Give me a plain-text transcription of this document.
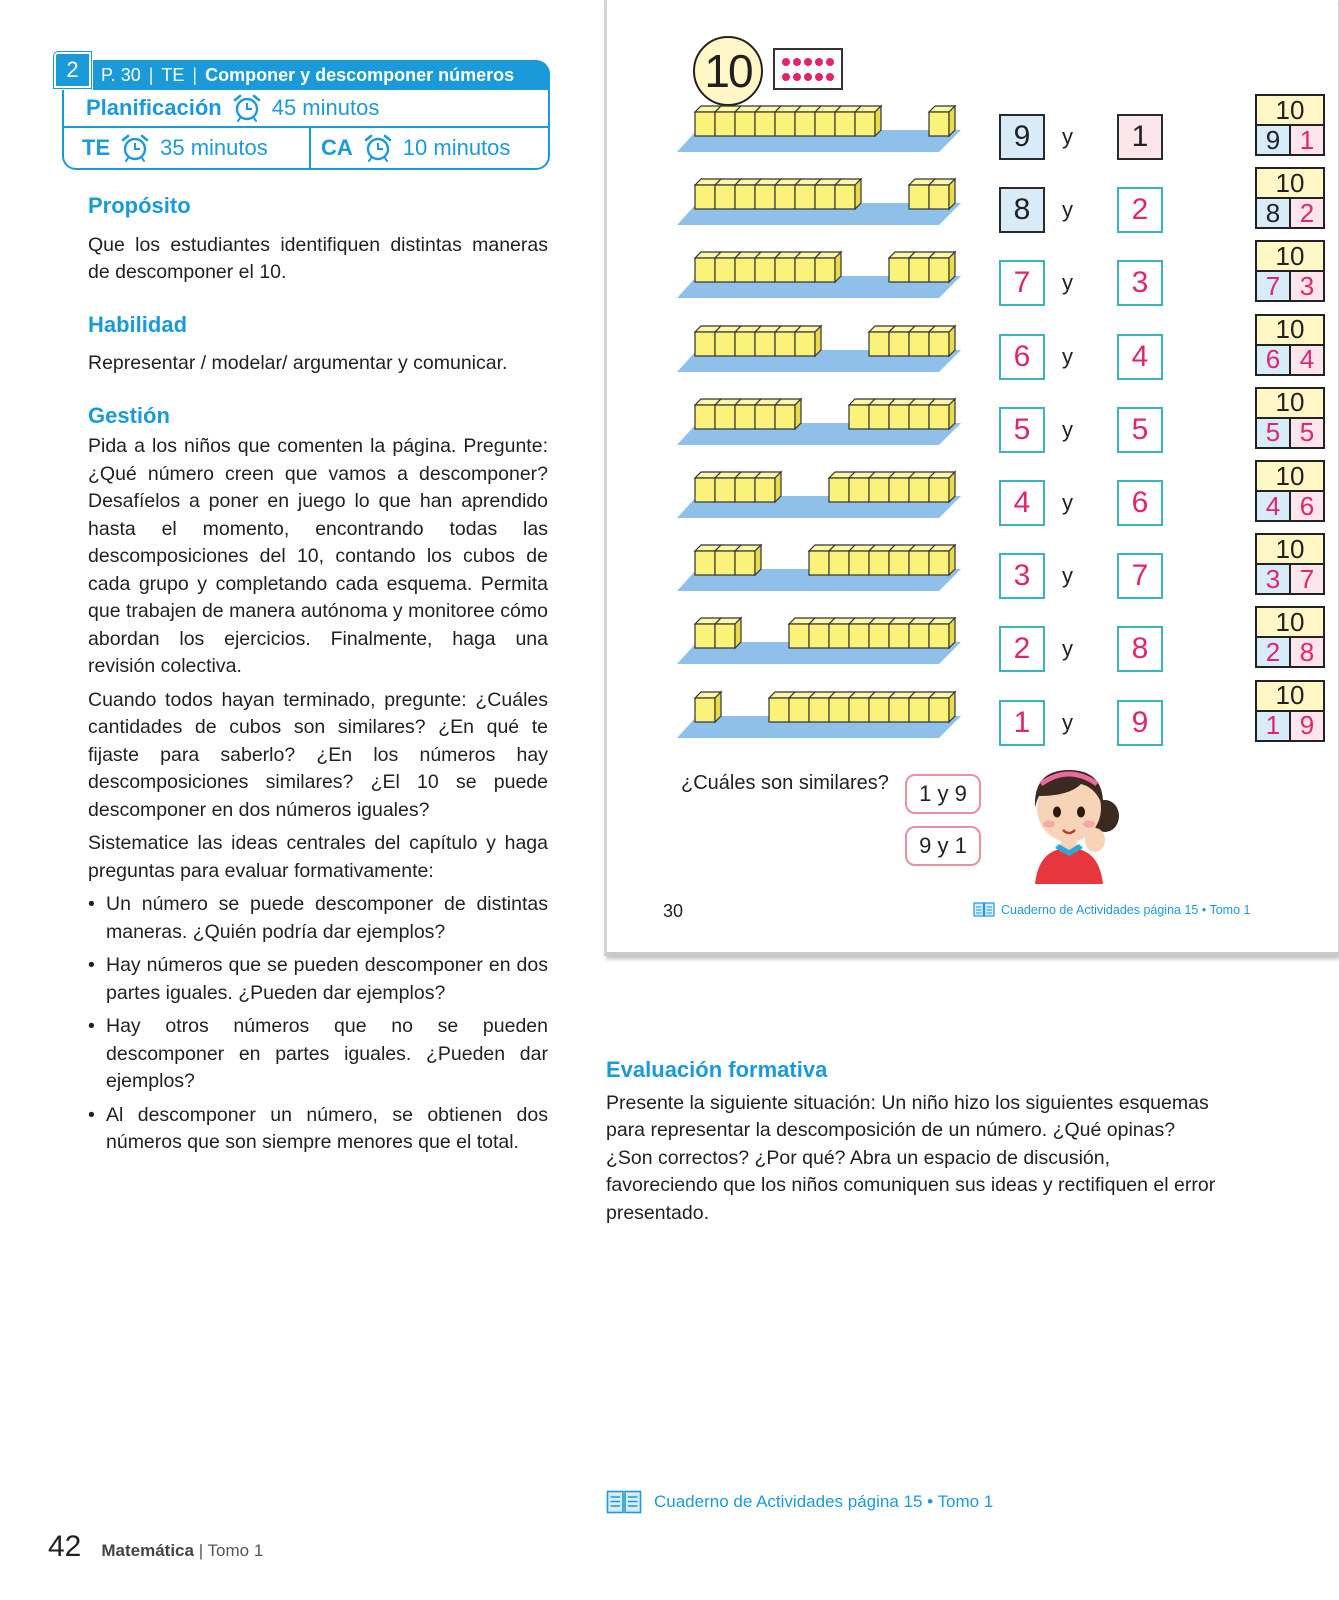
2	P. 30 | TE | Componer y descomponer números
Planificación 45 minutos
TE 35 minutos CA 10 minutos
Propósito

Que los estudiantes identifiquen distintas maneras de descomponer el 10.

Habilidad

Representar / modelar/ argumentar y comunicar.

Gestión

Pida a los niños que comenten la página. Pregunte: ¿Qué número creen que vamos a descomponer? Desafíelos a poner en juego lo que han aprendido hasta el momento, encontrando todas las descomposiciones del 10, contando los cubos de cada grupo y completando cada esquema. Permita que trabajen de manera autónoma y monitoree cómo abordan los ejercicios. Finalmente, haga una revisión colectiva.

Cuando todos hayan terminado, pregunte: ¿Cuáles cantidades de cubos son similares? ¿En qué te fijaste para saberlo? ¿En los números hay descomposiciones similares? ¿El 10 se puede descomponer en dos números iguales?

Sistematice las ideas centrales del capítulo y haga preguntas para evaluar formativamente:

• Un número se puede descomponer de distintas maneras. ¿Quién podría dar ejemplos?
• Hay números que se pueden descomponer en dos partes iguales. ¿Pueden dar ejemplos?
• Hay otros números que no se pueden descomponer en partes iguales. ¿Pueden dar ejemplos?
• Al descomponer un número, se obtienen dos números que son siempre menores que el total.
10
9	y	1
10
9 1
8	y	2
10
8 2
7	y	3
10
7 3
6	y	4
10
6 4
5	y	5
10
5 5
4	y	6
10
4 6
3	y	7
10
3 7
2	y	8
10
2 8
1	y	9
10
1 9
¿Cuáles son similares?	1 y 9
9 y 1
30	Cuaderno de Actividades página 15 • Tomo 1
Evaluación formativa

Presente la siguiente situación: Un niño hizo los siguientes esquemas para representar la descomposición de un número. ¿Qué opinas? ¿Son correctos? ¿Por qué? Abra un espacio de discusión, favoreciendo que los niños comuniquen sus ideas y rectifiquen el error presentado.

Cuaderno de Actividades página 15 • Tomo 1
42 Matemática | Tomo 1
